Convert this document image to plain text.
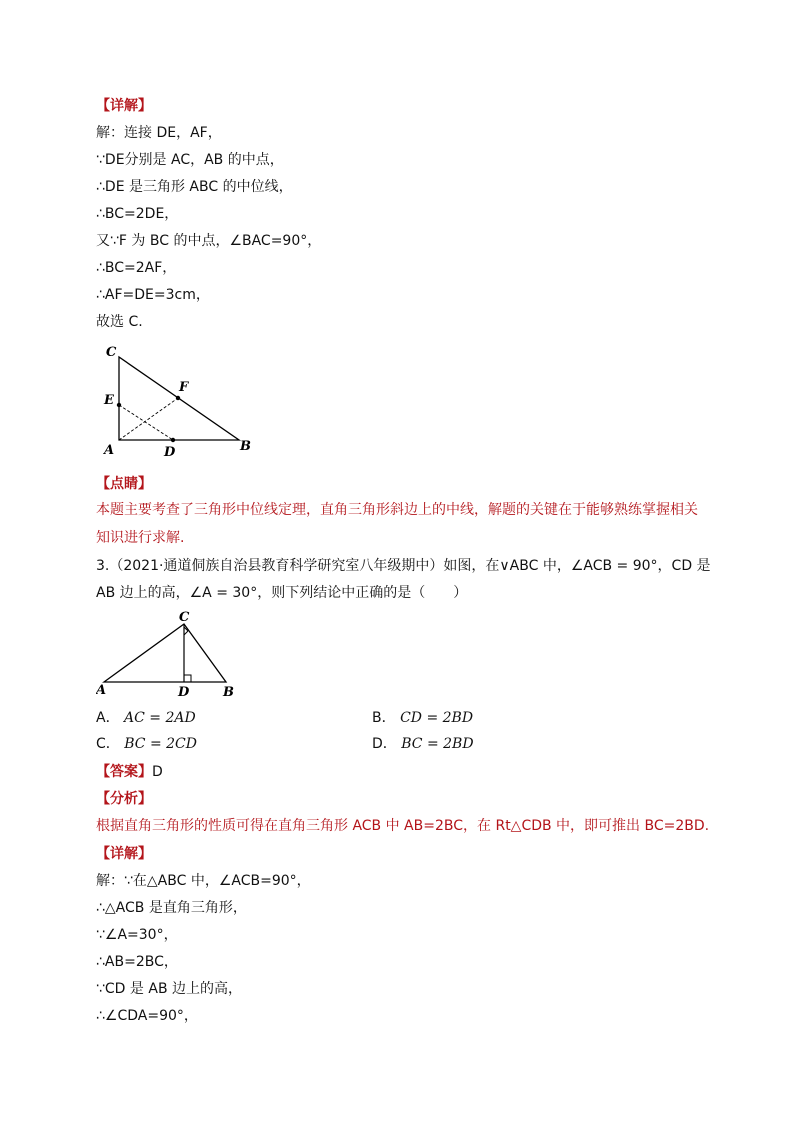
【详解】
解：连接 DE，AF，
∵DE分别是 AC，AB 的中点，
∴DE 是三角形 ABC 的中位线，
∴BC=2DE，
又∵F 为 BC 的中点，∠BAC=90°，
∴BC=2AF，
∴AF=DE=3cm，
故选 C.
C
F
E
A	D	B
【点睛】
本题主要考查了三角形中位线定理，直角三角形斜边上的中线，解题的关键在于能够熟练掌握相关知识进行求解.
3.（2021·通道侗族自治县教育科学研究室八年级期中）如图，在∨ABC 中，∠ACB = 90°，CD 是
AB 边上的高，∠A = 30°，则下列结论中正确的是（　　）
C
A	D	B
A． AC = 2AD	B． CD = 2BD
C． BC = 2CD	D． BC = 2BD
【答案】D
【分析】
根据直角三角形的性质可得在直角三角形 ACB 中 AB=2BC，在 Rt△CDB 中，即可推出 BC=2BD.
【详解】
解：∵在△ABC 中，∠ACB=90°，
∴△ACB 是直角三角形，
∵∠A=30°，
∴AB=2BC，
∵CD 是 AB 边上的高，
∴∠CDA=90°，
